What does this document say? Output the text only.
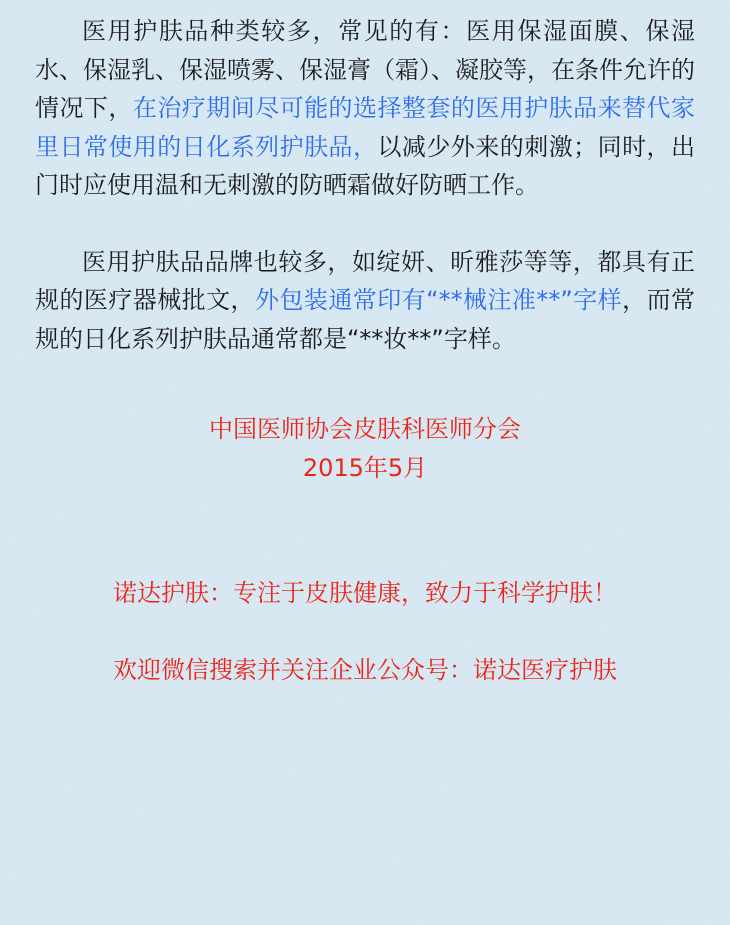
医用护肤品种类较多，常见的有：医用保湿面膜、保湿水、保湿乳、保湿喷雾、保湿膏（霜）、凝胶等，在条件允许的情况下，在治疗期间尽可能的选择整套的医用护肤品来替代家里日常使用的日化系列护肤品，以减少外来的刺激；同时，出门时应使用温和无刺激的防晒霜做好防晒工作。

医用护肤品品牌也较多，如绽妍、昕雅莎等等，都具有正规的医疗器械批文，外包装通常印有“**械注准**”字样，而常规的日化系列护肤品通常都是“**妆**”字样。

中国医师协会皮肤科医师分会
2015年5月
诺达护肤：专注于皮肤健康，致力于科学护肤！
欢迎微信搜索并关注企业公众号：诺达医疗护肤
